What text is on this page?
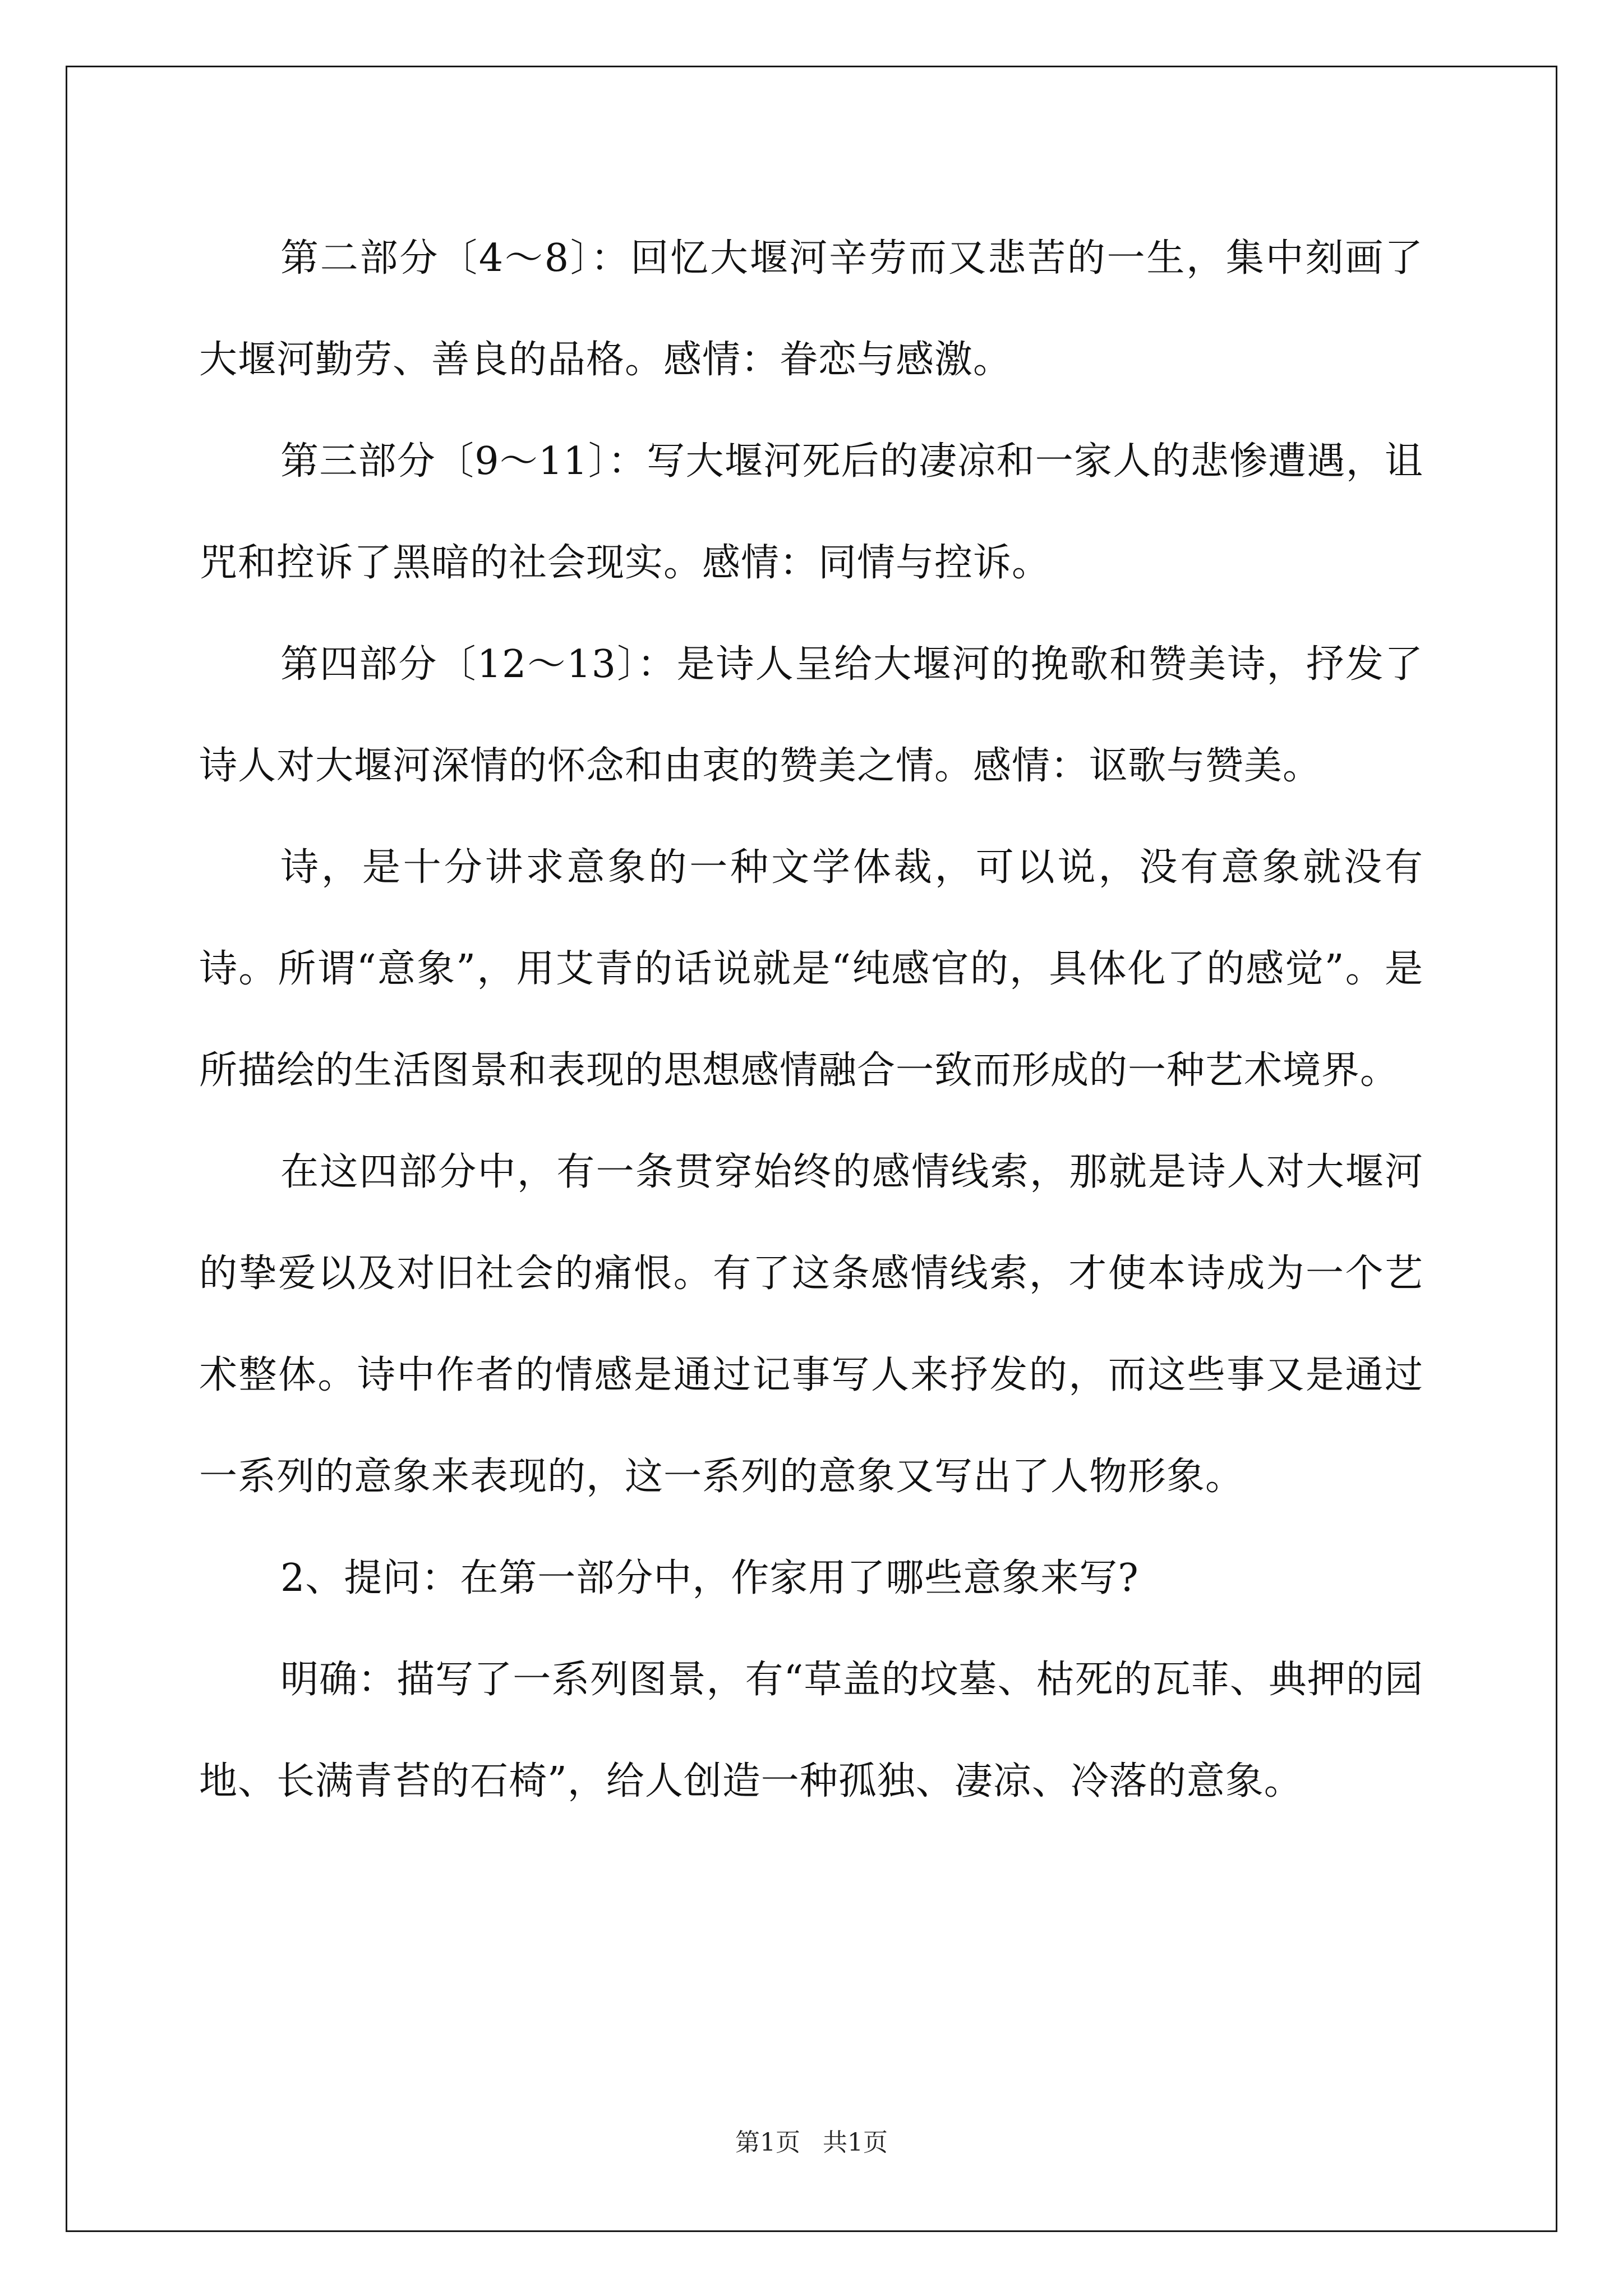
第二部分〔4～8〕：回忆大堰河辛劳而又悲苦的一生，集中刻画了大堰河勤劳、善良的品格。感情：眷恋与感激。

第三部分〔9～11〕：写大堰河死后的凄凉和一家人的悲惨遭遇，诅咒和控诉了黑暗的社会现实。感情：同情与控诉。

第四部分〔12～13〕：是诗人呈给大堰河的挽歌和赞美诗，抒发了诗人对大堰河深情的怀念和由衷的赞美之情。感情：讴歌与赞美。

诗，是十分讲求意象的一种文学体裁，可以说，没有意象就没有诗。所谓“意象”，用艾青的话说就是“纯感官的，具体化了的感觉”。是所描绘的生活图景和表现的思想感情融合一致而形成的一种艺术境界。

在这四部分中，有一条贯穿始终的感情线索，那就是诗人对大堰河的挚爱以及对旧社会的痛恨。有了这条感情线索，才使本诗成为一个艺术整体。诗中作者的情感是通过记事写人来抒发的，而这些事又是通过一系列的意象来表现的，这一系列的意象又写出了人物形象。

2、提问：在第一部分中，作家用了哪些意象来写?

明确：描写了一系列图景，有“草盖的坟墓、枯死的瓦菲、典押的园地、长满青苔的石椅”，给人创造一种孤独、凄凉、冷落的意象。

第1页 共1页
